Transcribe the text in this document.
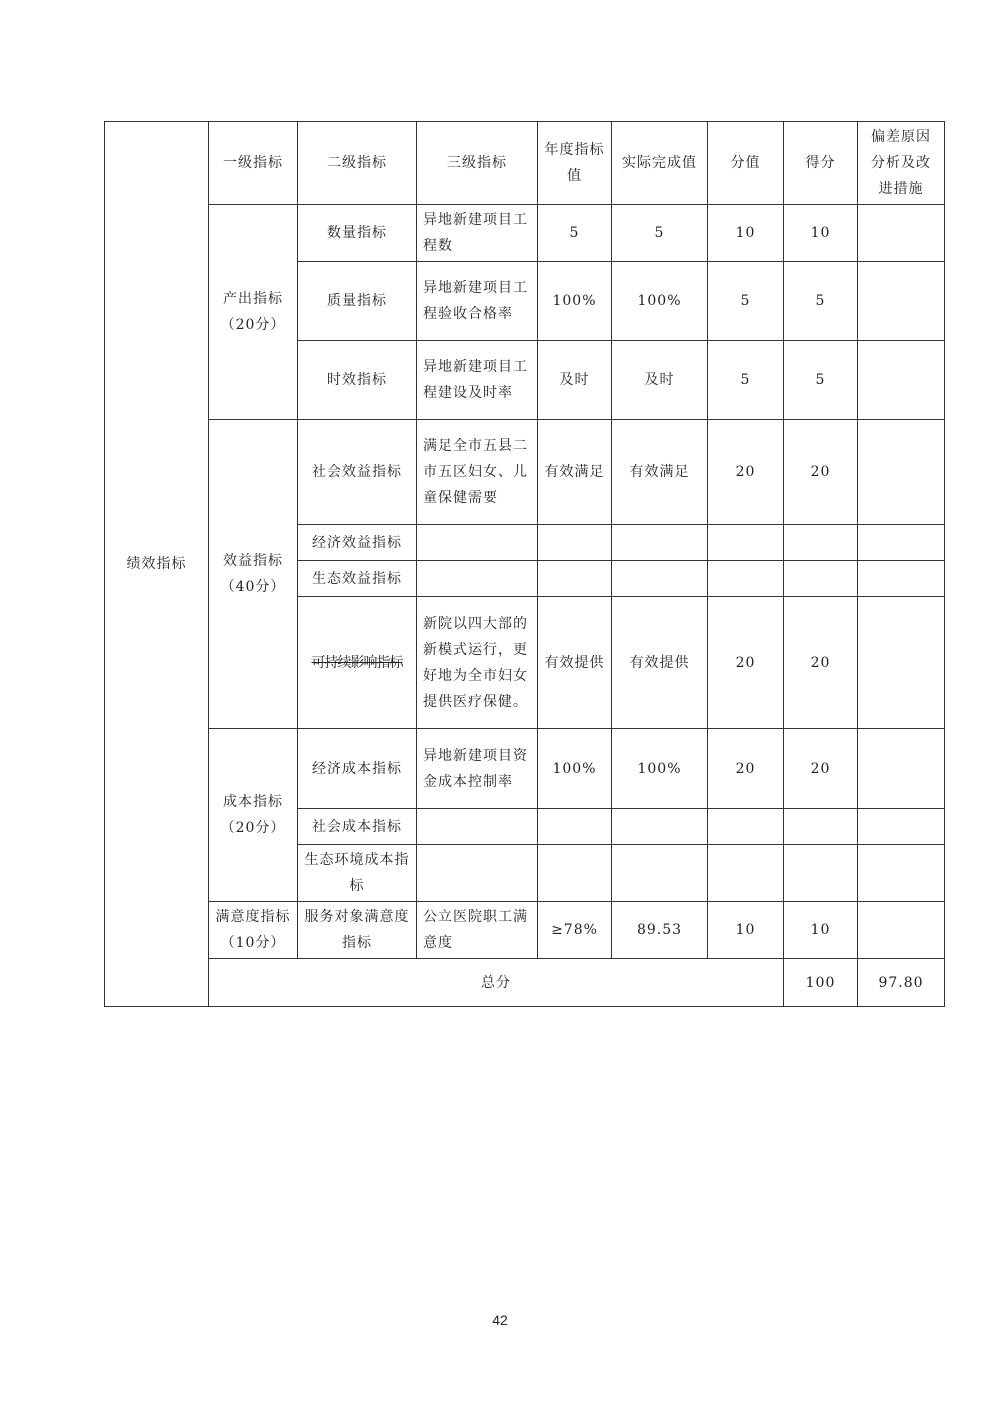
绩效指标	一级指标	二级指标	三级指标	年度指标值	实际完成值	分值	得分	偏差原因分析及改进措施	
	产出指标（20分）	数量指标	异地新建项目工程数	5	5	10	10		
		质量指标	异地新建项目工程验收合格率	100%	100%	5	5		
		时效指标	异地新建项目工程建设及时率	及时	及时	5	5		
	效益指标（40分）	社会效益指标	满足全市五县二市五区妇女、儿童保健需要	有效满足	有效满足	20	20		
		经济效益指标							
		生态效益指标							
		可持续影响指标	新院以四大部的新模式运行，更好地为全市妇女提供医疗保健。	有效提供	有效提供	20	20		
	成本指标（20分）	经济成本指标	异地新建项目资金成本控制率	100%	100%	20	20		
		社会成本指标							
		生态环境成本指标							
	满意度指标（10分）	服务对象满意度指标	公立医院职工满意度	≥78%	89.53	10	10		
	总分						100	97.80	
42
